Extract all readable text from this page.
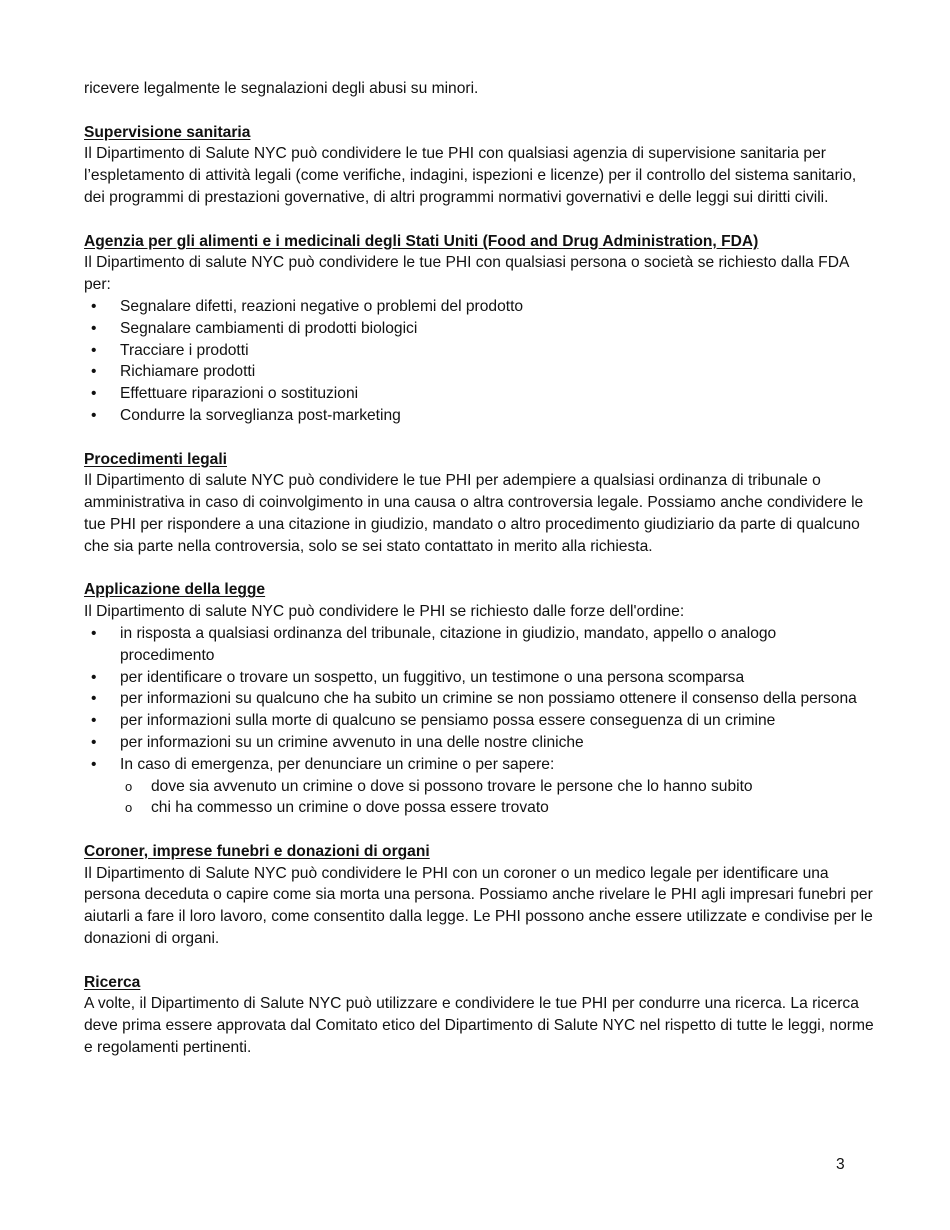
ricevere legalmente le segnalazioni degli abusi su minori.

Supervisione sanitaria

Il Dipartimento di Salute NYC può condividere le tue PHI con qualsiasi agenzia di supervisione sanitaria per l’espletamento di attività legali (come verifiche, indagini, ispezioni e licenze) per il controllo del sistema sanitario, dei programmi di prestazioni governative, di altri programmi normativi governativi e delle leggi sui diritti civili.

Agenzia per gli alimenti e i medicinali degli Stati Uniti (Food and Drug Administration, FDA)

Il Dipartimento di salute NYC può condividere le tue PHI con qualsiasi persona o società se richiesto dalla FDA per:

• Segnalare difetti, reazioni negative o problemi del prodotto
• Segnalare cambiamenti di prodotti biologici
• Tracciare i prodotti
• Richiamare prodotti
• Effettuare riparazioni o sostituzioni
• Condurre la sorveglianza post-marketing

Procedimenti legali

Il Dipartimento di salute NYC può condividere le tue PHI per adempiere a qualsiasi ordinanza di tribunale o amministrativa in caso di coinvolgimento in una causa o altra controversia legale. Possiamo anche condividere le tue PHI per rispondere a una citazione in giudizio, mandato o altro procedimento giudiziario da parte di qualcuno che sia parte nella controversia, solo se sei stato contattato in merito alla richiesta.

Applicazione della legge

Il Dipartimento di salute NYC può condividere le PHI se richiesto dalle forze dell'ordine:

• in risposta a qualsiasi ordinanza del tribunale, citazione in giudizio, mandato, appello o analogo procedimento
• per identificare o trovare un sospetto, un fuggitivo, un testimone o una persona scomparsa
• per informazioni su qualcuno che ha subito un crimine se non possiamo ottenere il consenso della persona
• per informazioni sulla morte di qualcuno se pensiamo possa essere conseguenza di un crimine
• per informazioni su un crimine avvenuto in una delle nostre cliniche
• In caso di emergenza, per denunciare un crimine o per sapere:
o dove sia avvenuto un crimine o dove si possono trovare le persone che lo hanno subito
o chi ha commesso un crimine o dove possa essere trovato

Coroner, imprese funebri e donazioni di organi

Il Dipartimento di Salute NYC può condividere le PHI con un coroner o un medico legale per identificare una persona deceduta o capire come sia morta una persona. Possiamo anche rivelare le PHI agli impresari funebri per aiutarli a fare il loro lavoro, come consentito dalla legge. Le PHI possono anche essere utilizzate e condivise per le donazioni di organi.

Ricerca

A volte, il Dipartimento di Salute NYC può utilizzare e condividere le tue PHI per condurre una ricerca. La ricerca deve prima essere approvata dal Comitato etico del Dipartimento di Salute NYC nel rispetto di tutte le leggi, norme e regolamenti pertinenti.

3
